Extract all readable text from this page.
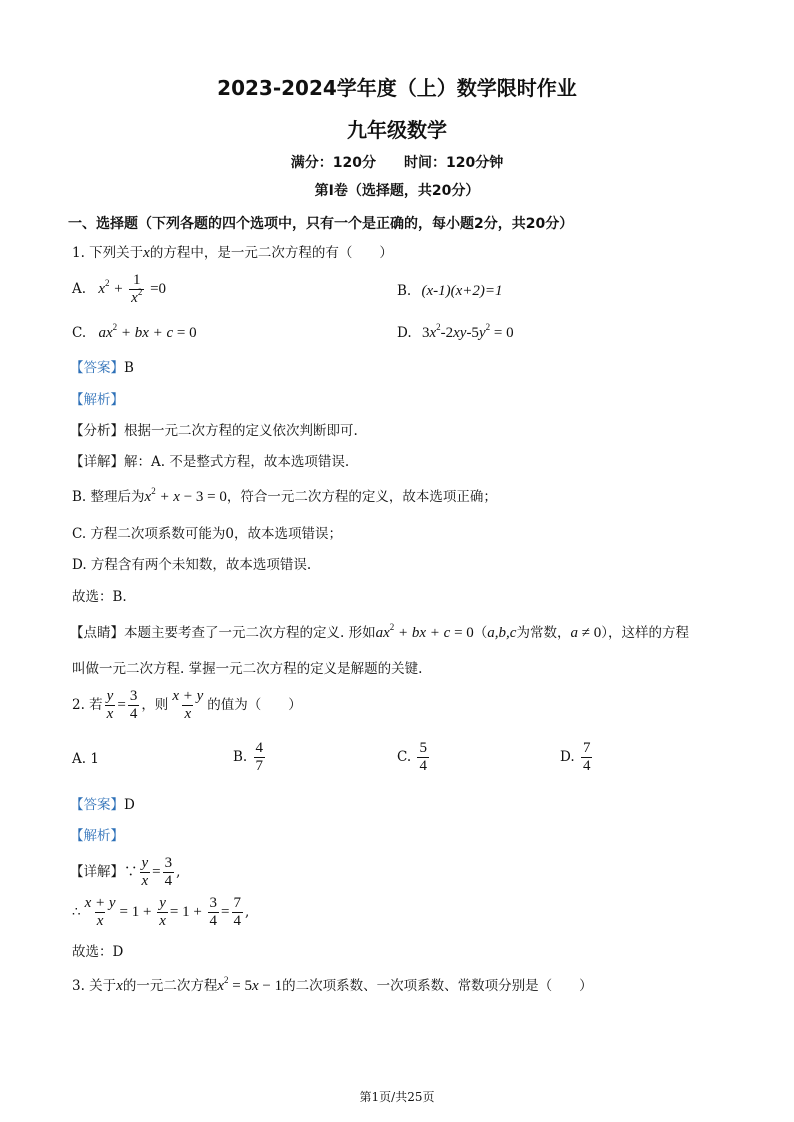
2023-2024学年度（上）数学限时作业
九年级数学
满分：120分　　时间：120分钟
第Ⅰ卷（选择题，共20分）
一、选择题（下列各题的四个选项中，只有一个是正确的，每小题2分，共20分）
1. 下列关于x的方程中，是一元二次方程的有（　　）
A. $x^2 + \frac{1}{x^2} =0$	B. (x-1)(x+2)=1
C. $ax^2$ + bx + c = 0	D. $3x^2-2xy-5y^2 = 0$
【答案】B
【解析】
【分析】根据一元二次方程的定义依次判断即可.
【详解】解：A. 不是整式方程，故本选项错误.
B. 整理后为$x^2 + x - 3 = 0$，符合一元二次方程的定义，故本选项正确；
C. 方程二次项系数可能为0，故本选项错误；
D. 方程含有两个未知数，故本选项错误.
故选：B.
【点睛】本题主要考查了一元二次方程的定义. 形如$ax^2$ + bx + c = 0（a,b,c为常数，a ≠ 0），这样的方程
叫做一元二次方程. 掌握一元二次方程的定义是解题的关键.
2. 若 $\frac{y}{x} = \frac{3}{4}$ ，则 $\frac{x + y}{x}$ 的值为（　　）
A. 1	B. $\frac{4}{7}$	C. $\frac{5}{4}$	D. $\frac{7}{4}$
【答案】D
【解析】
【详解】∵ $\frac{y}{x} = \frac{3}{4}$ ,
∴ $\frac{x + y}{x} = 1 + \frac{y}{x} = 1 + \frac{3}{4} = \frac{7}{4}$ ,
故选：D
3. 关于x的一元二次方程$x^2 = 5x - 1$的二次项系数、一次项系数、常数项分别是（　　）
第1页/共25页
